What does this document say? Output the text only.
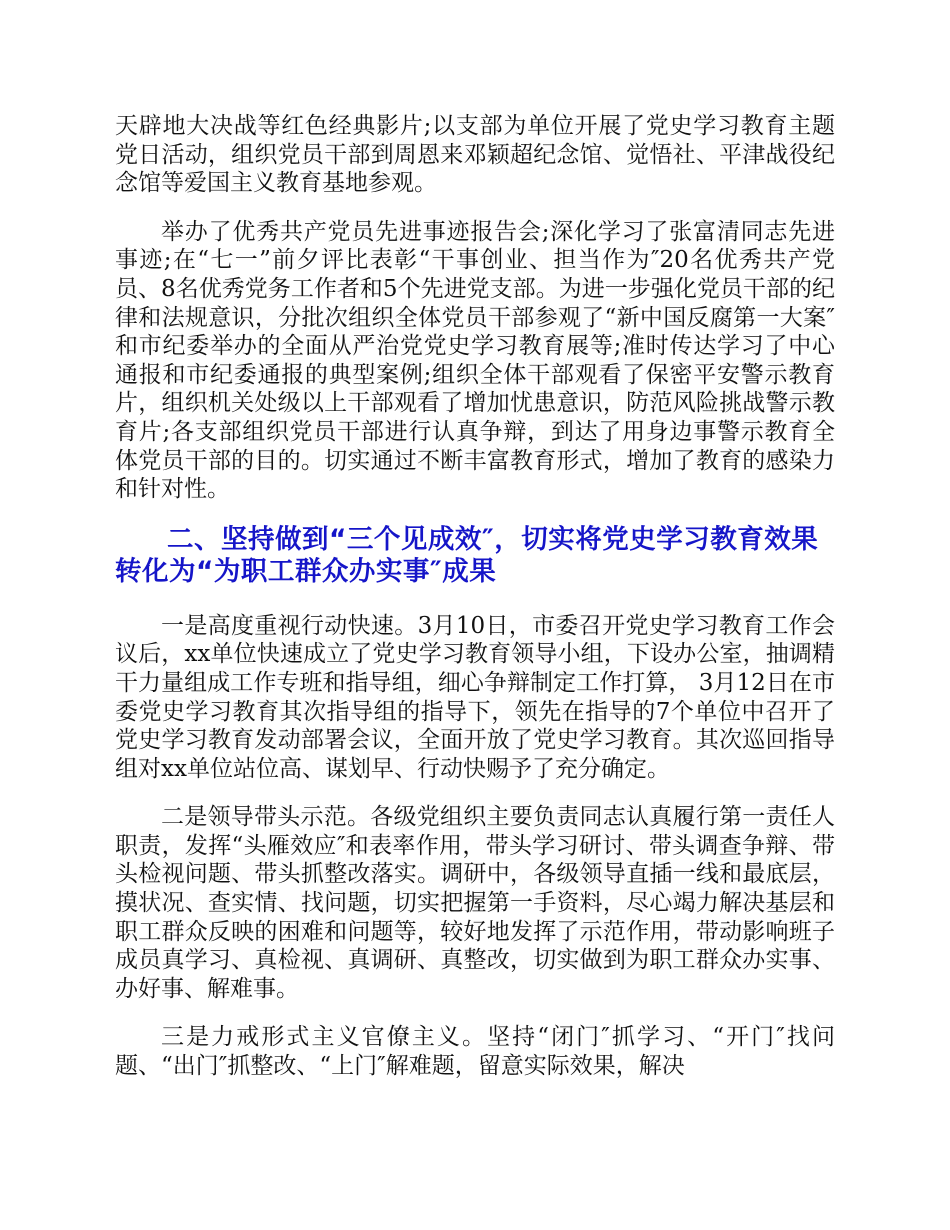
天辟地大决战等红色经典影片;以支部为单位开展了党史学习教育主题党日活动，组织党员干部到周恩来邓颖超纪念馆、觉悟社、平津战役纪念馆等爱国主义教育基地参观。

举办了优秀共产党员先进事迹报告会;深化学习了张富清同志先进事迹;在“七一”前夕评比表彰“干事创业、担当作为″20名优秀共产党员、8名优秀党务工作者和5个先进党支部。为进一步强化党员干部的纪律和法规意识，分批次组织全体党员干部参观了“新中国反腐第一大案″和市纪委举办的全面从严治党党史学习教育展等;准时传达学习了中心通报和市纪委通报的典型案例;组织全体干部观看了保密平安警示教育片，组织机关处级以上干部观看了增加忧患意识，防范风险挑战警示教育片;各支部组织党员干部进行认真争辩，到达了用身边事警示教育全体党员干部的目的。切实通过不断丰富教育形式，增加了教育的感染力和针对性。

二、坚持做到“三个见成效″，切实将党史学习教育效果转化为“为职工群众办实事″成果

一是高度重视行动快速。3月10日，市委召开党史学习教育工作会议后，xx单位快速成立了党史学习教育领导小组，下设办公室，抽调精干力量组成工作专班和指导组，细心争辩制定工作打算， 3月12日在市委党史学习教育其次指导组的指导下，领先在指导的7个单位中召开了党史学习教育发动部署会议，全面开放了党史学习教育。其次巡回指导组对xx单位站位高、谋划早、行动快赐予了充分确定。

二是领导带头示范。各级党组织主要负责同志认真履行第一责任人职责，发挥“头雁效应″和表率作用，带头学习研讨、带头调查争辩、带头检视问题、带头抓整改落实。调研中，各级领导直插一线和最底层，摸状况、查实情、找问题，切实把握第一手资料，尽心竭力解决基层和职工群众反映的困难和问题等，较好地发挥了示范作用，带动影响班子成员真学习、真检视、真调研、真整改，切实做到为职工群众办实事、办好事、解难事。

三是力戒形式主义官僚主义。坚持“闭门″抓学习、“开门″找问题、“出门″抓整改、“上门″解难题，留意实际效果，解决
